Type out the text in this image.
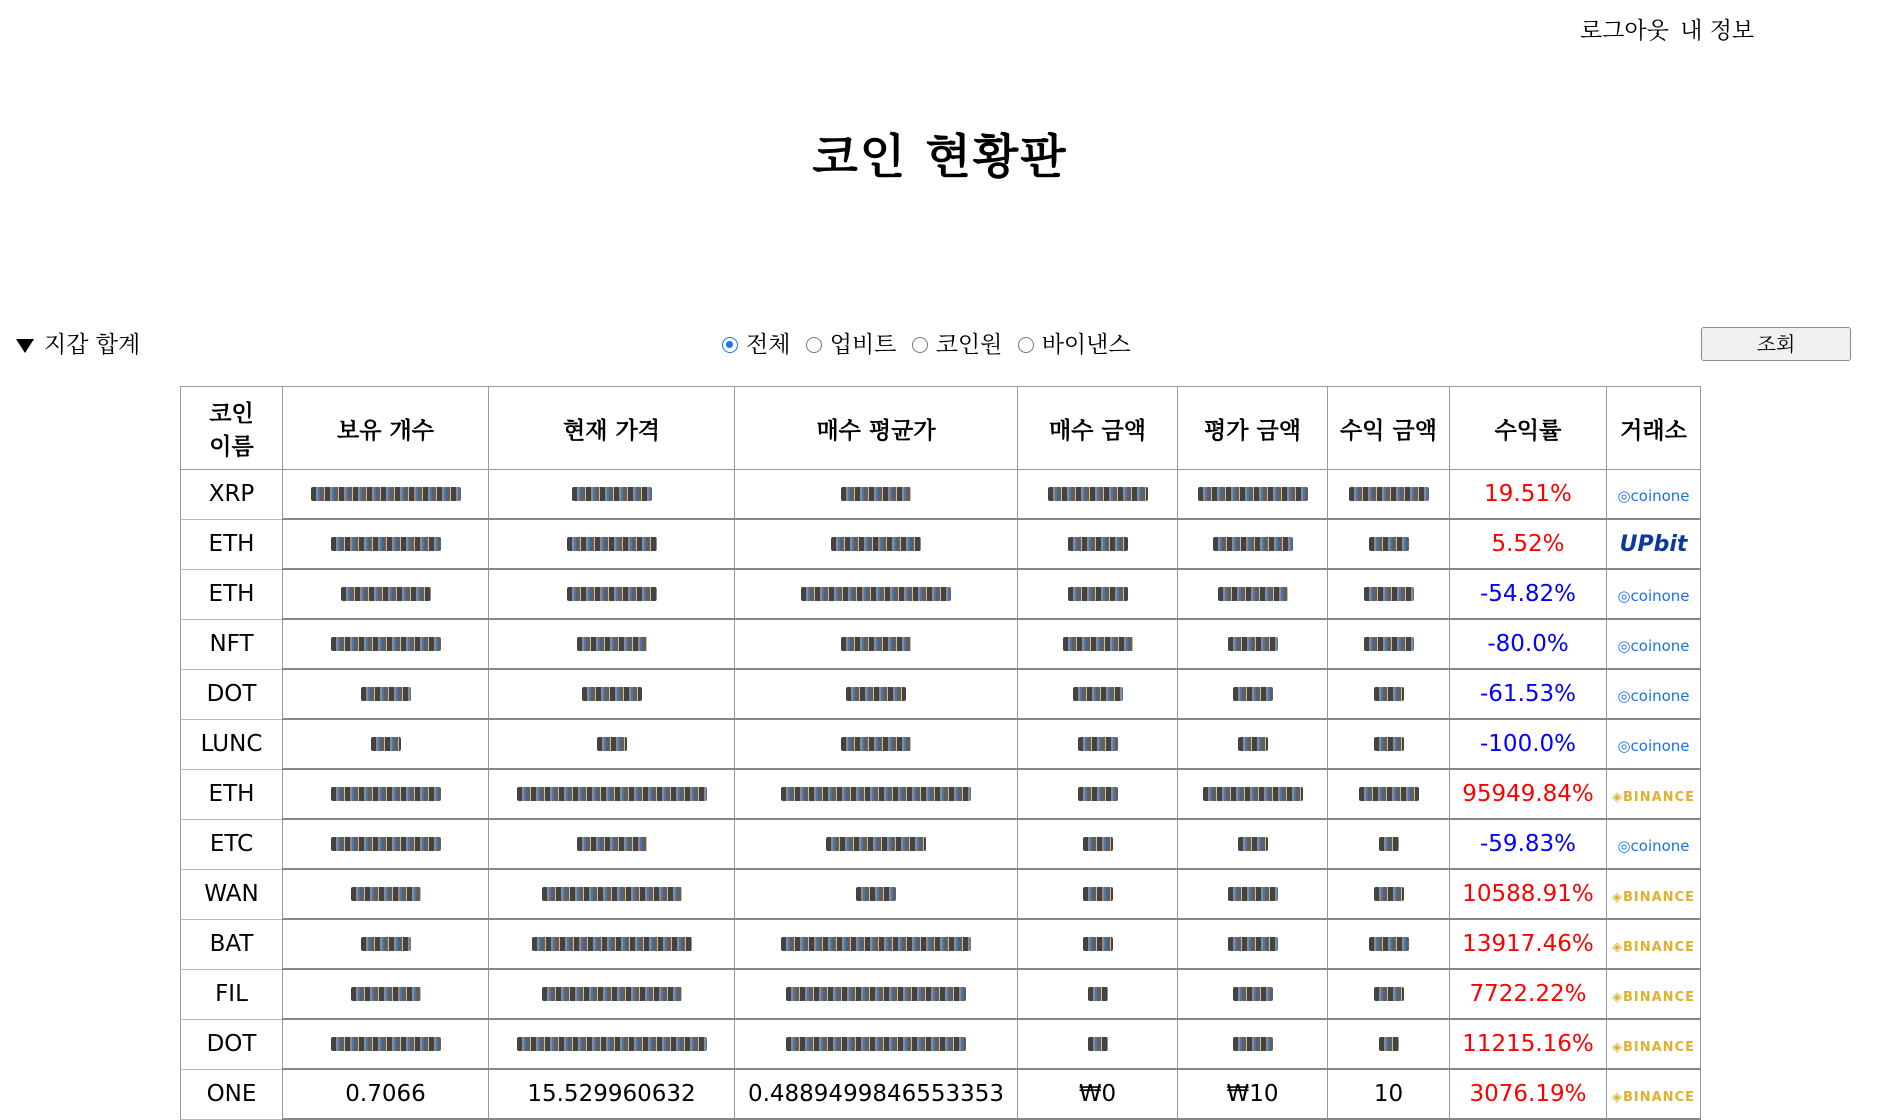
로그아웃 내 정보
코인 현황판
지갑 합계	전체 업비트 코인원 바이낸스	조회
코인
이름	보유 개수	현재 가격	매수 평균가	매수 금액	평가 금액	수익 금액	수익률	거래소
XRP							19.51%	◎coinone
ETH							5.52%	UPbit
ETH							-54.82%	◎coinone
NFT							-80.0%	◎coinone
DOT							-61.53%	◎coinone
LUNC							-100.0%	◎coinone
ETH							95949.84%	◈BINANCE
ETC							-59.83%	◎coinone
WAN							10588.91%	◈BINANCE
BAT							13917.46%	◈BINANCE
FIL							7722.22%	◈BINANCE
DOT							11215.16%	◈BINANCE
ONE	0.7066	15.529960632	0.4889499846553353	₩0	₩10	10	3076.19%	◈BINANCE
